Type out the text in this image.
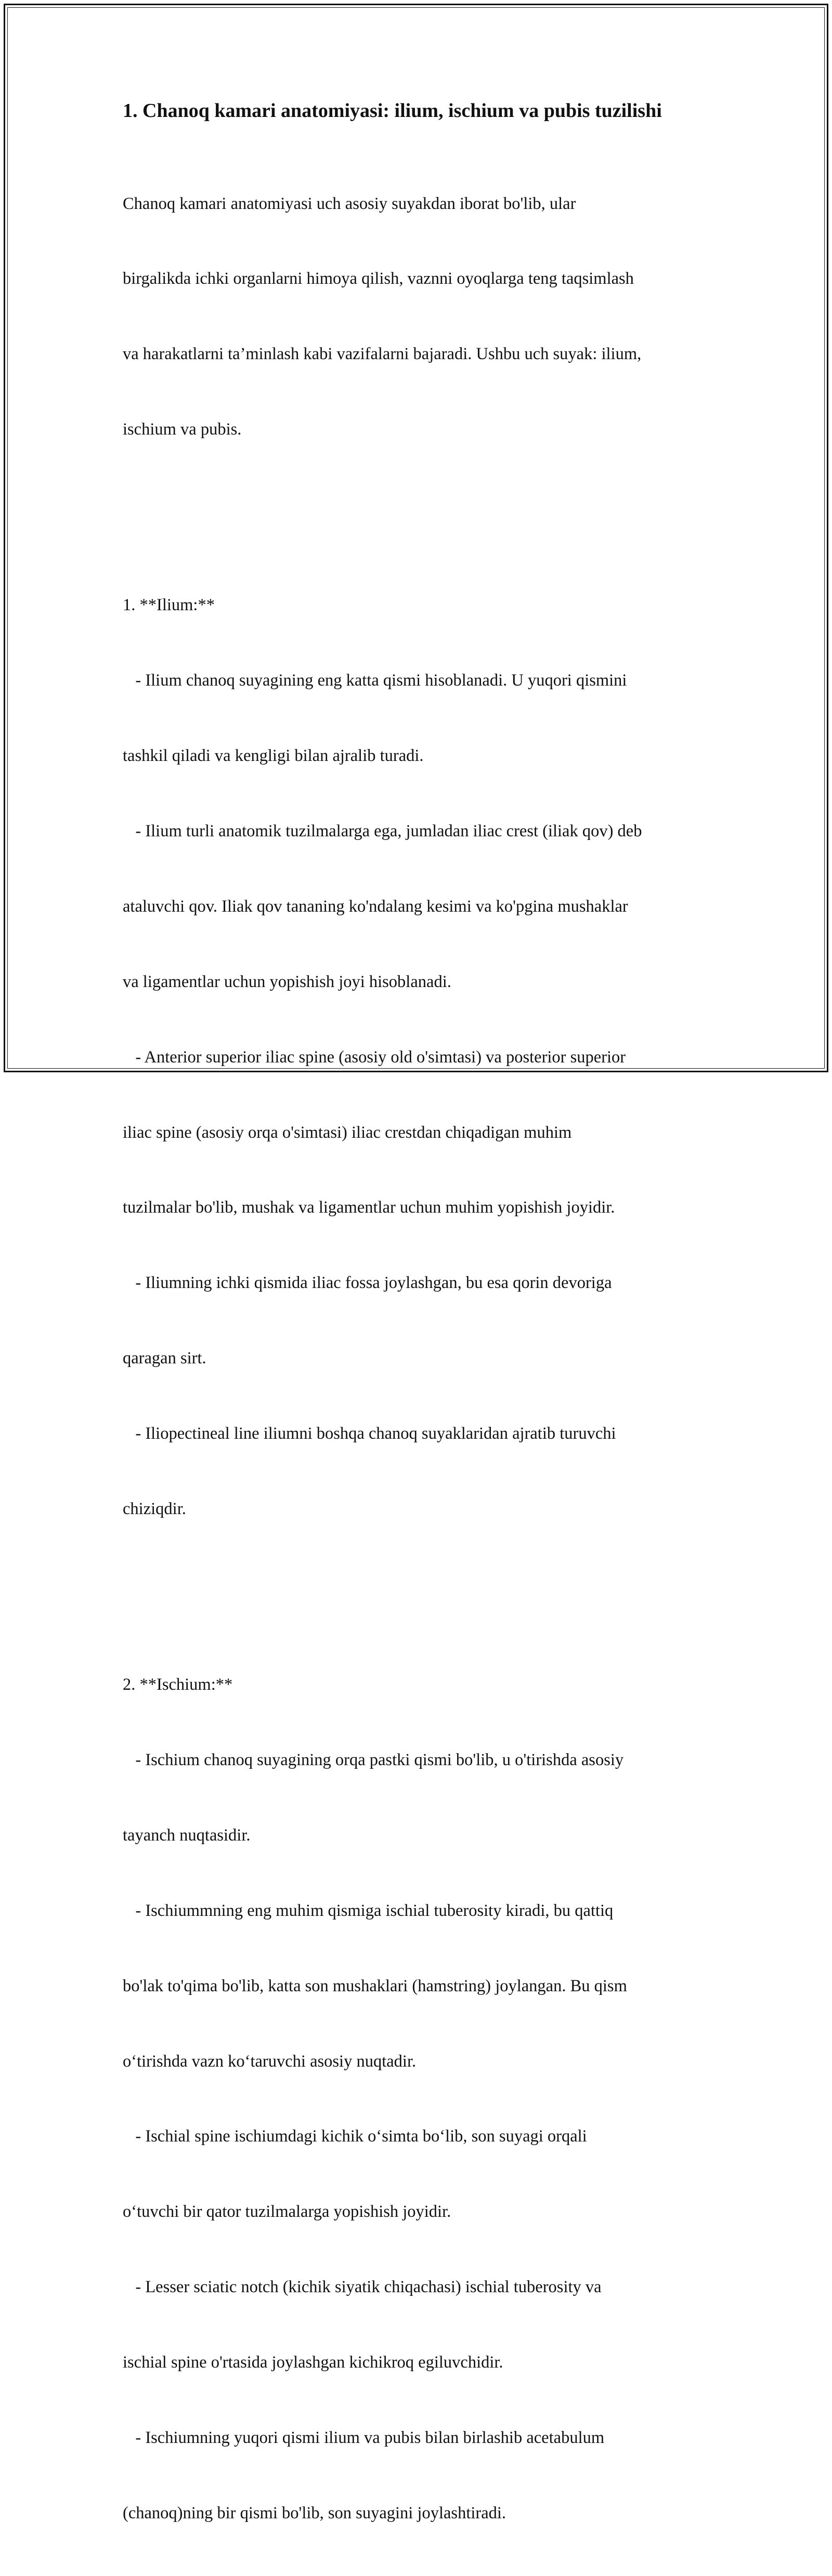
1. Chanoq kamari anatomiyasi: ilium, ischium va pubis tuzilishi

Chanoq kamari anatomiyasi uch asosiy suyakdan iborat bo'lib, ular

birgalikda ichki organlarni himoya qilish, vaznni oyoqlarga teng taqsimlash

va harakatlarni ta’minlash kabi vazifalarni bajaradi. Ushbu uch suyak: ilium,

ischium va pubis.

1. **Ilium:**

- Ilium chanoq suyagining eng katta qismi hisoblanadi. U yuqori qismini

tashkil qiladi va kengligi bilan ajralib turadi.

- Ilium turli anatomik tuzilmalarga ega, jumladan iliac crest (iliak qov) deb

ataluvchi qov. Iliak qov tananing ko'ndalang kesimi va ko'pgina mushaklar

va ligamentlar uchun yopishish joyi hisoblanadi.

- Anterior superior iliac spine (asosiy old o'simtasi) va posterior superior

iliac spine (asosiy orqa o'simtasi) iliac crestdan chiqadigan muhim

tuzilmalar bo'lib, mushak va ligamentlar uchun muhim yopishish joyidir.

- Iliumning ichki qismida iliac fossa joylashgan, bu esa qorin devoriga

qaragan sirt.

- Iliopectineal line iliumni boshqa chanoq suyaklaridan ajratib turuvchi

chiziqdir.

2. **Ischium:**

- Ischium chanoq suyagining orqa pastki qismi bo'lib, u o'tirishda asosiy

tayanch nuqtasidir.

- Ischiummning eng muhim qismiga ischial tuberosity kiradi, bu qattiq

bo'lak to'qima bo'lib, katta son mushaklari (hamstring) joylangan. Bu qism

o‘tirishda vazn ko‘taruvchi asosiy nuqtadir.

- Ischial spine ischiumdagi kichik o‘simta bo‘lib, son suyagi orqali

o‘tuvchi bir qator tuzilmalarga yopishish joyidir.

- Lesser sciatic notch (kichik siyatik chiqachasi) ischial tuberosity va

ischial spine o'rtasida joylashgan kichikroq egiluvchidir.

- Ischiumning yuqori qismi ilium va pubis bilan birlashib acetabulum

(chanoq)ning bir qismi bo'lib, son suyagini joylashtiradi.
